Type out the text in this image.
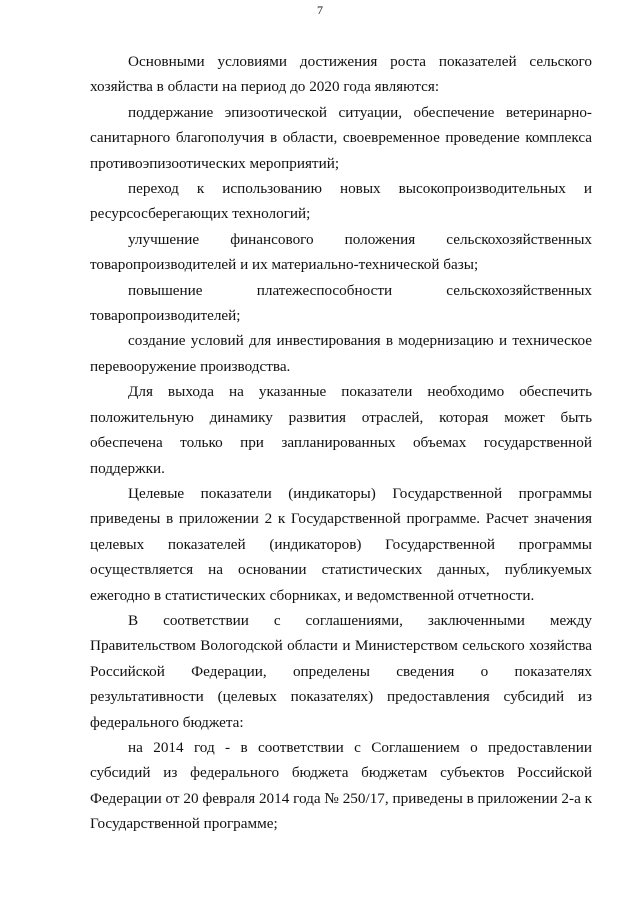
7

Основными условиями достижения роста показателей сельского хозяйства в области на период до 2020 года являются:

поддержание эпизоотической ситуации, обеспечение ветеринарно-санитарного благополучия в области, своевременное проведение комплекса противоэпизоотических мероприятий;

переход к использованию новых высокопроизводительных и ресурсосберегающих технологий;

улучшение финансового положения сельскохозяйственных товаропроизводителей и их материально-технической базы;

повышение платежеспособности сельскохозяйственных товаропроизводителей;

создание условий для инвестирования в модернизацию и техническое перевооружение производства.

Для выхода на указанные показатели необходимо обеспечить положительную динамику развития отраслей, которая может быть обеспечена только при запланированных объемах государственной поддержки.

Целевые показатели (индикаторы) Государственной программы приведены в приложении 2 к Государственной программе. Расчет значения целевых показателей (индикаторов) Государственной программы осуществляется на основании статистических данных, публикуемых ежегодно в статистических сборниках, и ведомственной отчетности.

В соответствии с соглашениями, заключенными между Правительством Вологодской области и Министерством сельского хозяйства Российской Федерации, определены сведения о показателях результативности (целевых показателях) предоставления субсидий из федерального бюджета:

на 2014 год - в соответствии с Соглашением о предоставлении субсидий из федерального бюджета бюджетам субъектов Российской Федерации от 20 февраля 2014 года № 250/17, приведены в приложении 2-а к Государственной программе;
